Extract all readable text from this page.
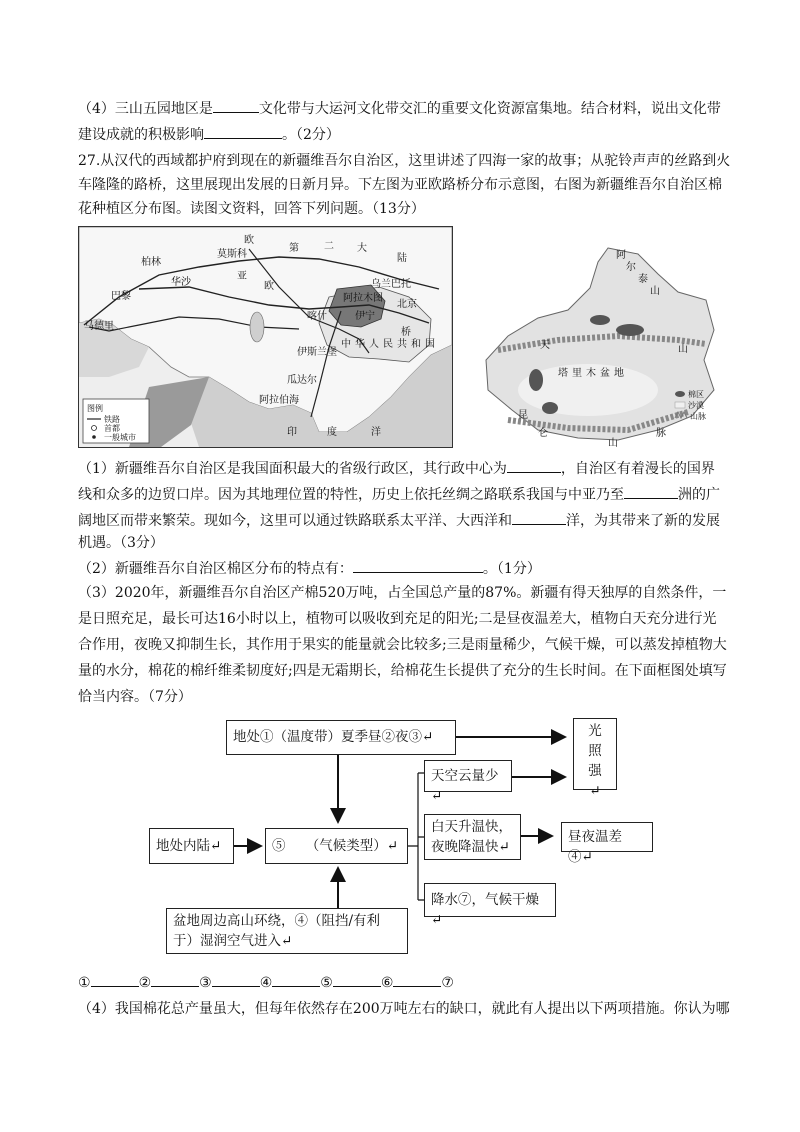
（4）三山五园地区是	文化带与大运河文化带交汇的重要文化资源富集地。结合材料，说出文化带
建设成就的积极影响	。（2分）
27.从汉代的西域都护府到现在的新疆维吾尔自治区，这里讲述了四海一家的故事；从驼铃声声的丝路到火
车隆隆的路桥，这里展现出发展的日新月异。下左图为亚欧路桥分布示意图，右图为新疆维吾尔自治区棉
花种植区分布图。读图文资料，回答下列问题。（13分）
欧
第	二 大
陆
柏林
莫斯科
华沙
亚
巴黎
欧	乌兰巴托
阿拉木图
北京
马德里
喀什	伊宁
桥
中 华 人 民 共 和 国
伊斯兰堡
瓜达尔
阿拉伯海
印	度	洋
图例
铁路
首都
一般城市
阿
尔
泰
山
天	山
塔 里 木 盆 地
昆
仑
山
脉
棉区
沙漠
山脉
（1）新疆维吾尔自治区是我国面积最大的省级行政区，其行政中心为	，自治区有着漫长的国界
线和众多的边贸口岸。因为其地理位置的特性，历史上依托丝绸之路联系我国与中亚乃至	洲的广
阔地区而带来繁荣。现如今，这里可以通过铁路联系太平洋、大西洋和	洋，为其带来了新的发展
机遇。（3分）
（2）新疆维吾尔自治区棉区分布的特点有：	。（1分）
（3）2020年，新疆维吾尔自治区产棉520万吨，占全国总产量的87%。新疆有得天独厚的自然条件，一
是日照充足，最长可达16小时以上，植物可以吸收到充足的阳光;二是昼夜温差大，植物白天充分进行光
合作用，夜晚又抑制生长，其作用于果实的能量就会比较多;三是雨量稀少，气候干燥，可以蒸发掉植物大
量的水分，棉花的棉纤维柔韧度好;四是无霜期长，给棉花生长提供了充分的生长时间。在下面框图处填写
恰当内容。（7分）
地处①（温度带）夏季昼②夜③↵	光照强↵
天空云量少↵
白天升温快，
夜晚降温快↵
昼夜温差④↵
地处内陆↵	⑤　　（气候类型）↵
降水⑦，气候干燥↵
盆地周边高山环绕，④（阻挡/有利
于）湿润空气进入↵
①	②	③	④	⑤	⑥	⑦
（4）我国棉花总产量虽大，但每年依然存在200万吨左右的缺口，就此有人提出以下两项措施。你认为哪
